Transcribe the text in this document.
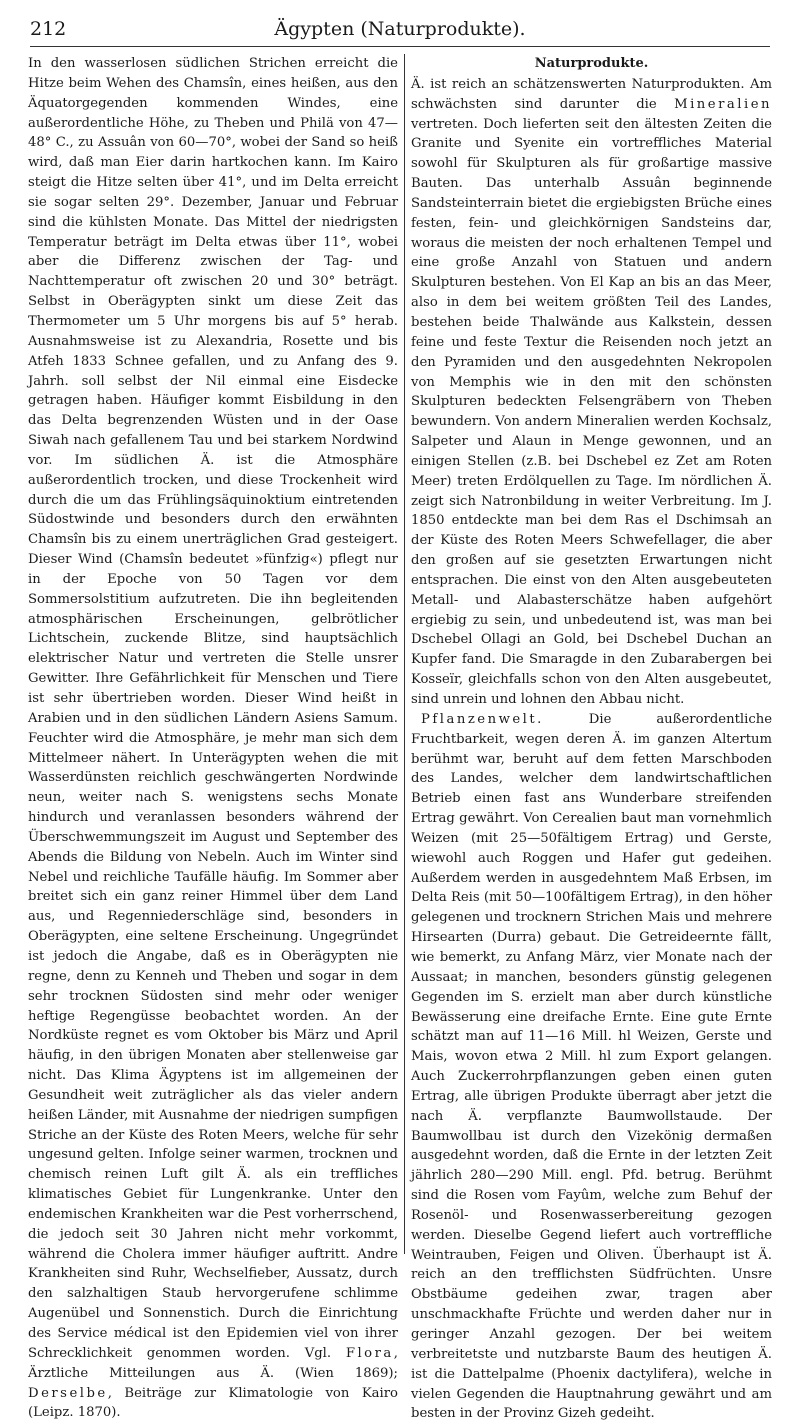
212	Ägypten (Naturprodukte).

In den wasserlosen südlichen Strichen erreicht die Hitze beim Wehen des Chamsîn, eines heißen, aus den Äquatorgegenden kommenden Windes, eine außerordentliche Höhe, zu Theben und Philä von 47—48° C., zu Assuân von 60—70°, wobei der Sand so heiß wird, daß man Eier darin hartkochen kann. Im Kairo steigt die Hitze selten über 41°, und im Delta erreicht sie sogar selten 29°. Dezember, Januar und Februar sind die kühlsten Monate. Das Mittel der niedrigsten Temperatur beträgt im Delta etwas über 11°, wobei aber die Differenz zwischen der Tag- und Nachttemperatur oft zwischen 20 und 30° beträgt. Selbst in Oberägypten sinkt um diese Zeit das Thermometer um 5 Uhr morgens bis auf 5° herab. Ausnahmsweise ist zu Alexandria, Rosette und bis Atfeh 1833 Schnee gefallen, und zu Anfang des 9. Jahrh. soll selbst der Nil einmal eine Eisdecke getragen haben. Häufiger kommt Eisbildung in den das Delta begrenzenden Wüsten und in der Oase Siwah nach gefallenem Tau und bei starkem Nordwind vor. Im südlichen Ä. ist die Atmosphäre außerordentlich trocken, und diese Trockenheit wird durch die um das Frühlingsäquinoktium eintretenden Südostwinde und besonders durch den erwähnten Chamsîn bis zu einem unerträglichen Grad gesteigert. Dieser Wind (Chamsîn bedeutet »fünfzig«) pflegt nur in der Epoche von 50 Tagen vor dem Sommersolstitium aufzutreten. Die ihn begleitenden atmosphärischen Erscheinungen, gelbrötlicher Lichtschein, zuckende Blitze, sind hauptsächlich elektrischer Natur und vertreten die Stelle unsrer Gewitter. Ihre Gefährlichkeit für Menschen und Tiere ist sehr übertrieben worden. Dieser Wind heißt in Arabien und in den südlichen Ländern Asiens Samum. Feuchter wird die Atmosphäre, je mehr man sich dem Mittelmeer nähert. In Unterägypten wehen die mit Wasserdünsten reichlich geschwängerten Nordwinde neun, weiter nach S. wenigstens sechs Monate hindurch und veranlassen besonders während der Überschwemmungszeit im August und September des Abends die Bildung von Nebeln. Auch im Winter sind Nebel und reichliche Taufälle häufig. Im Sommer aber breitet sich ein ganz reiner Himmel über dem Land aus, und Regenniederschläge sind, besonders in Oberägypten, eine seltene Erscheinung. Ungegründet ist jedoch die Angabe, daß es in Oberägypten nie regne, denn zu Kenneh und Theben und sogar in dem sehr trocknen Südosten sind mehr oder weniger heftige Regengüsse beobachtet worden. An der Nordküste regnet es vom Oktober bis März und April häufig, in den übrigen Monaten aber stellenweise gar nicht. Das Klima Ägyptens ist im allgemeinen der Gesundheit weit zuträglicher als das vieler andern heißen Länder, mit Ausnahme der niedrigen sumpfigen Striche an der Küste des Roten Meers, welche für sehr ungesund gelten. Infolge seiner warmen, trocknen und chemisch reinen Luft gilt Ä. als ein treffliches klimatisches Gebiet für Lungenkranke. Unter den endemischen Krankheiten war die Pest vorherrschend, die jedoch seit 30 Jahren nicht mehr vorkommt, während die Cholera immer häufiger auftritt. Andre Krankheiten sind Ruhr, Wechselfieber, Aussatz, durch den salzhaltigen Staub hervorgerufene schlimme Augenübel und Sonnenstich. Durch die Einrichtung des Service médical ist den Epidemien viel von ihrer Schrecklichkeit genommen worden. Vgl. Flora, Ärztliche Mitteilungen aus Ä. (Wien 1869); Derselbe, Beiträge zur Klimatologie von Kairo (Leipz. 1870).

Naturprodukte.

Ä. ist reich an schätzenswerten Naturprodukten. Am schwächsten sind darunter die Mineralien vertreten. Doch lieferten seit den ältesten Zeiten die Granite und Syenite ein vortreffliches Material sowohl für Skulpturen als für großartige massive Bauten. Das unterhalb Assuân beginnende Sandsteinterrain bietet die ergiebigsten Brüche eines festen, fein- und gleichkörnigen Sandsteins dar, woraus die meisten der noch erhaltenen Tempel und eine große Anzahl von Statuen und andern Skulpturen bestehen. Von El Kap an bis an das Meer, also in dem bei weitem größten Teil des Landes, bestehen beide Thalwände aus Kalkstein, dessen feine und feste Textur die Reisenden noch jetzt an den Pyramiden und den ausgedehnten Nekropolen von Memphis wie in den mit den schönsten Skulpturen bedeckten Felsengräbern von Theben bewundern. Von andern Mineralien werden Kochsalz, Salpeter und Alaun in Menge gewonnen, und an einigen Stellen (z.B. bei Dschebel ez Zet am Roten Meer) treten Erdölquellen zu Tage. Im nördlichen Ä. zeigt sich Natronbildung in weiter Verbreitung. Im J. 1850 entdeckte man bei dem Ras el Dschimsah an der Küste des Roten Meers Schwefellager, die aber den großen auf sie gesetzten Erwartungen nicht entsprachen. Die einst von den Alten ausgebeuteten Metall- und Alabasterschätze haben aufgehört ergiebig zu sein, und unbedeutend ist, was man bei Dschebel Ollagi an Gold, bei Dschebel Duchan an Kupfer fand. Die Smaragde in den Zubarabergen bei Kosseïr, gleichfalls schon von den Alten ausgebeutet, sind unrein und lohnen den Abbau nicht.

Pflanzenwelt. Die außerordentliche Fruchtbarkeit, wegen deren Ä. im ganzen Altertum berühmt war, beruht auf dem fetten Marschboden des Landes, welcher dem landwirtschaftlichen Betrieb einen fast ans Wunderbare streifenden Ertrag gewährt. Von Cerealien baut man vornehmlich Weizen (mit 25—50fältigem Ertrag) und Gerste, wiewohl auch Roggen und Hafer gut gedeihen. Außerdem werden in ausgedehntem Maß Erbsen, im Delta Reis (mit 50—100fältigem Ertrag), in den höher gelegenen und trocknern Strichen Mais und mehrere Hirsearten (Durra) gebaut. Die Getreideernte fällt, wie bemerkt, zu Anfang März, vier Monate nach der Aussaat; in manchen, besonders günstig gelegenen Gegenden im S. erzielt man aber durch künstliche Bewässerung eine dreifache Ernte. Eine gute Ernte schätzt man auf 11—16 Mill. hl Weizen, Gerste und Mais, wovon etwa 2 Mill. hl zum Export gelangen. Auch Zuckerrohrpflanzungen geben einen guten Ertrag, alle übrigen Produkte überragt aber jetzt die nach Ä. verpflanzte Baumwollstaude. Der Baumwollbau ist durch den Vizekönig dermaßen ausgedehnt worden, daß die Ernte in der letzten Zeit jährlich 280—290 Mill. engl. Pfd. betrug. Berühmt sind die Rosen vom Fayûm, welche zum Behuf der Rosenöl- und Rosenwasserbereitung gezogen werden. Dieselbe Gegend liefert auch vortreffliche Weintrauben, Feigen und Oliven. Überhaupt ist Ä. reich an den trefflichsten Südfrüchten. Unsre Obstbäume gedeihen zwar, tragen aber unschmackhafte Früchte und werden daher nur in geringer Anzahl gezogen. Der bei weitem verbreitetste und nutzbarste Baum des heutigen Ä. ist die Dattelpalme (Phoenix dactylifera), welche in vielen Gegenden die Hauptnahrung gewährt und am besten in der Provinz Gizeh gedeiht.
